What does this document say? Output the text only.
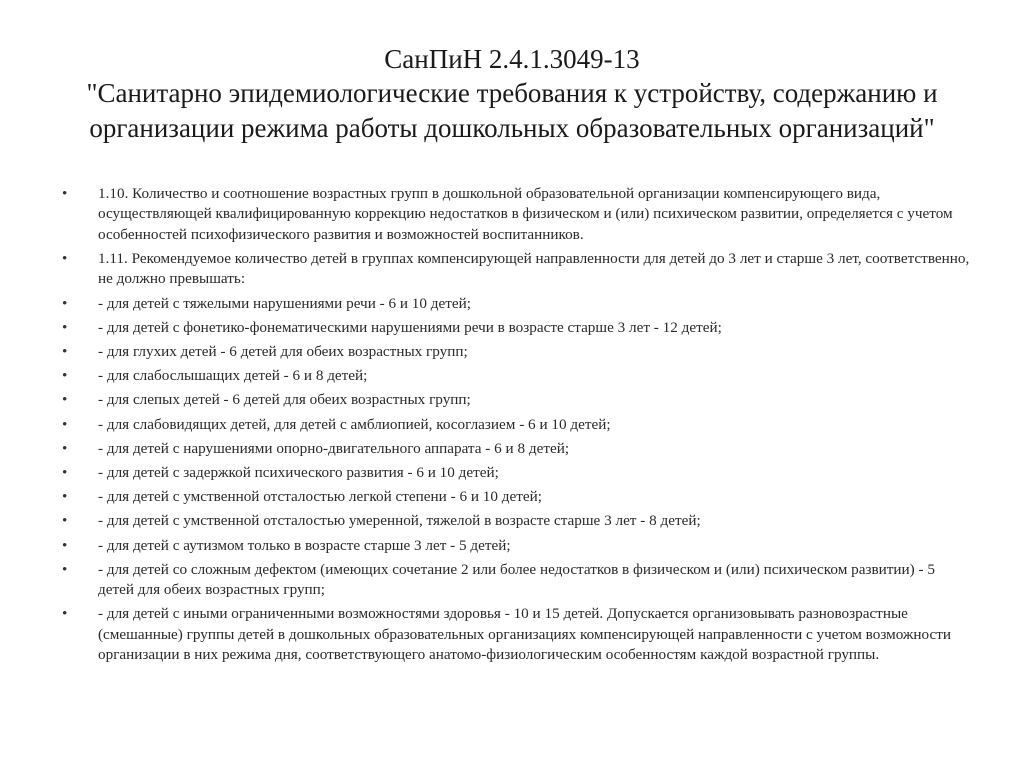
СанПиН 2.4.1.3049-13
"Санитарно эпидемиологические требования к устройству, содержанию и организации режима работы дошкольных образовательных организаций"
•	1.10. Количество и соотношение возрастных групп в дошкольной образовательной организации компенсирующего вида, осуществляющей квалифицированную коррекцию недостатков в физическом и (или) психическом развитии, определяется с учетом особенностей психофизического развития и возможностей воспитанников.
•	1.11. Рекомендуемое количество детей в группах компенсирующей направленности для детей до 3 лет и старше 3 лет, соответственно, не должно превышать:
•	- для детей с тяжелыми нарушениями речи - 6 и 10 детей;
•	- для детей с фонетико-фонематическими нарушениями речи в возрасте старше 3 лет - 12 детей;
•	- для глухих детей - 6 детей для обеих возрастных групп;
•	- для слабослышащих детей - 6 и 8 детей;
•	- для слепых детей - 6 детей для обеих возрастных групп;
•	- для слабовидящих детей, для детей с амблиопией, косоглазием - 6 и 10 детей;
•	- для детей с нарушениями опорно-двигательного аппарата - 6 и 8 детей;
•	- для детей с задержкой психического развития - 6 и 10 детей;
•	- для детей с умственной отсталостью легкой степени - 6 и 10 детей;
•	- для детей с умственной отсталостью умеренной, тяжелой в возрасте старше 3 лет - 8 детей;
•	- для детей с аутизмом только в возрасте старше 3 лет - 5 детей;
•	- для детей со сложным дефектом (имеющих сочетание 2 или более недостатков в физическом и (или) психическом развитии) - 5 детей для обеих возрастных групп;
•	- для детей с иными ограниченными возможностями здоровья - 10 и 15 детей. Допускается организовывать разновозрастные (смешанные) группы детей в дошкольных образовательных организациях компенсирующей направленности с учетом возможности организации в них режима дня, соответствующего анатомо-физиологическим особенностям каждой возрастной группы.
